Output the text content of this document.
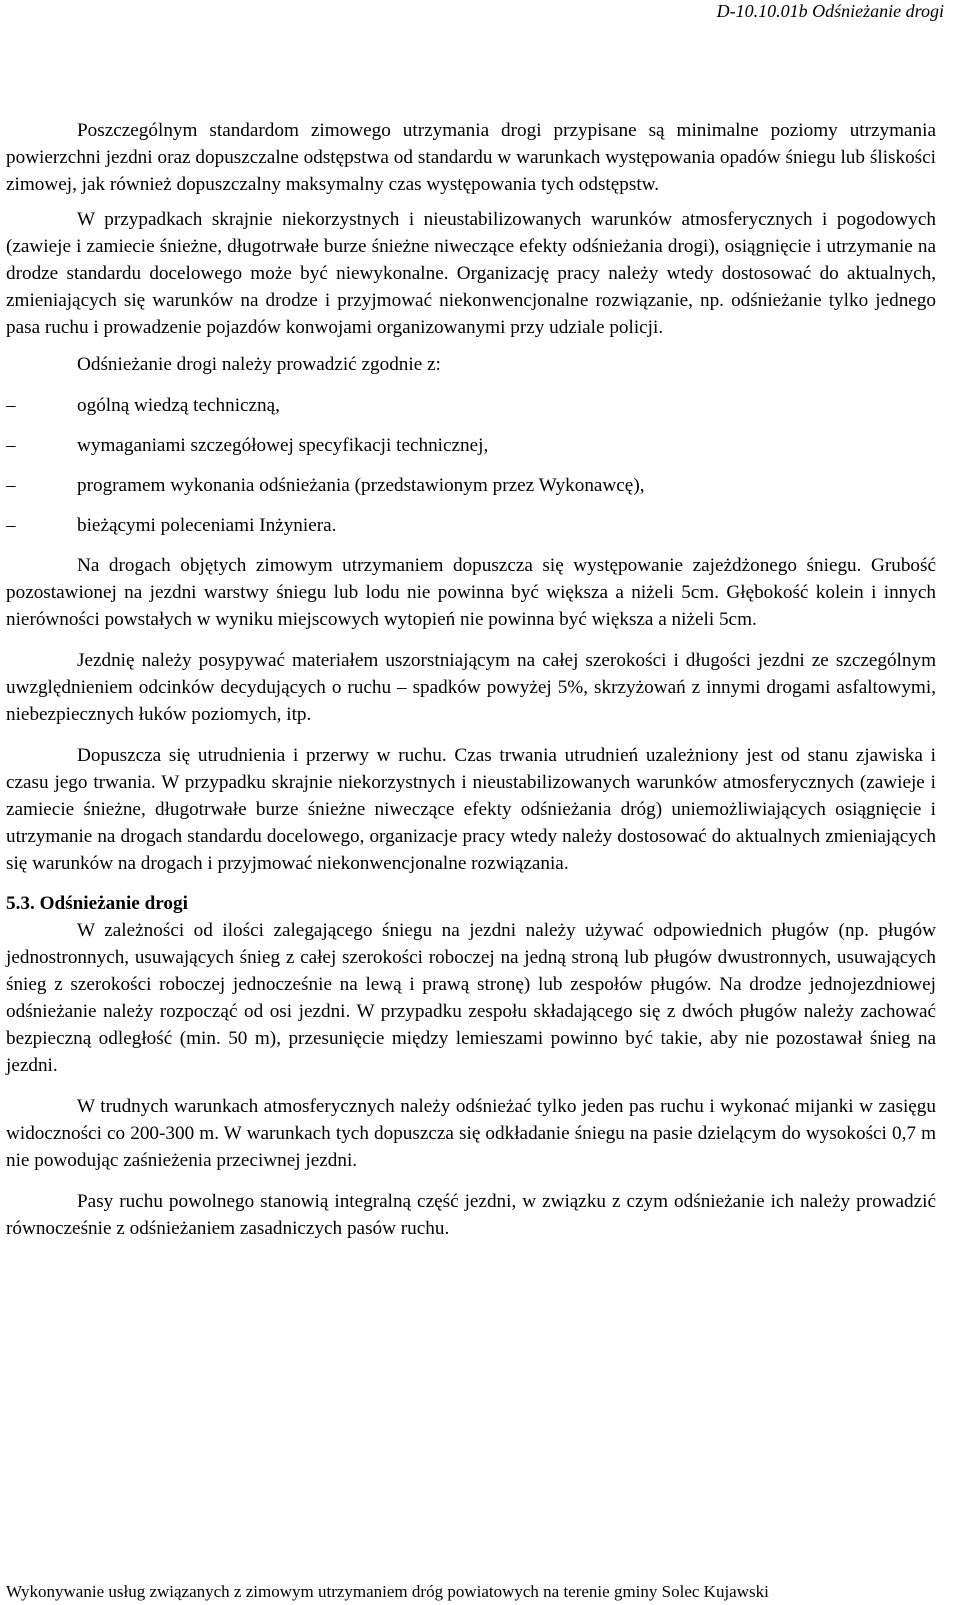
D-10.10.01b Odśnieżanie drogi

Poszczególnym standardom zimowego utrzymania drogi przypisane są minimalne poziomy utrzymania powierzchni jezdni oraz dopuszczalne odstępstwa od standardu w warunkach występowania opadów śniegu lub śliskości zimowej, jak również dopuszczalny maksymalny czas występowania tych odstępstw.

W przypadkach skrajnie niekorzystnych i nieustabilizowanych warunków atmosferycznych i pogodowych (zawieje i zamiecie śnieżne, długotrwałe burze śnieżne niweczące efekty odśnieżania drogi), osiągnięcie i utrzymanie na drodze standardu docelowego może być niewykonalne. Organizację pracy należy wtedy dostosować do aktualnych, zmieniających się warunków na drodze i przyjmować niekonwencjonalne rozwiązanie, np. odśnieżanie tylko jednego pasa ruchu i prowadzenie pojazdów konwojami organizowanymi przy udziale policji.

Odśnieżanie drogi należy prowadzić zgodnie z:

–	ogólną wiedzą techniczną,
–	wymaganiami szczegółowej specyfikacji technicznej,
–	programem wykonania odśnieżania (przedstawionym przez Wykonawcę),
–	bieżącymi poleceniami Inżyniera.

Na drogach objętych zimowym utrzymaniem dopuszcza się występowanie zajeżdżonego śniegu. Grubość pozostawionej na jezdni warstwy śniegu lub lodu nie powinna być większa a niżeli 5cm. Głębokość kolein i innych nierówności powstałych w wyniku miejscowych wytopień nie powinna być większa a niżeli 5cm.

Jezdnię należy posypywać materiałem uszorstniającym na całej szerokości i długości jezdni ze szczególnym uwzględnieniem odcinków decydujących o ruchu – spadków powyżej 5%, skrzyżowań z innymi drogami asfaltowymi, niebezpiecznych łuków poziomych, itp.

Dopuszcza się utrudnienia i przerwy w ruchu. Czas trwania utrudnień uzależniony jest od stanu zjawiska i czasu jego trwania. W przypadku skrajnie niekorzystnych i nieustabilizowanych warunków atmosferycznych (zawieje i zamiecie śnieżne, długotrwałe burze śnieżne niweczące efekty odśnieżania dróg) uniemożliwiających osiągnięcie i utrzymanie na drogach standardu docelowego, organizacje pracy wtedy należy dostosować do aktualnych zmieniających się warunków na drogach i przyjmować niekonwencjonalne rozwiązania.

5.3. Odśnieżanie drogi

W zależności od ilości zalegającego śniegu na jezdni należy używać odpowiednich pługów (np. pługów jednostronnych, usuwających śnieg z całej szerokości roboczej na jedną stroną lub pługów dwustronnych, usuwających śnieg z szerokości roboczej jednocześnie na lewą i prawą stronę) lub zespołów pługów. Na drodze jednojezdniowej odśnieżanie należy rozpocząć od osi jezdni. W przypadku zespołu składającego się z dwóch pługów należy zachować bezpieczną odległość (min. 50 m), przesunięcie między lemieszami powinno być takie, aby nie pozostawał śnieg na jezdni.

W trudnych warunkach atmosferycznych należy odśnieżać tylko jeden pas ruchu i wykonać mijanki w zasięgu widoczności co 200-300 m. W warunkach tych dopuszcza się odkładanie śniegu na pasie dzielącym do wysokości 0,7 m nie powodując zaśnieżenia przeciwnej jezdni.

Pasy ruchu powolnego stanowią integralną część jezdni, w związku z czym odśnieżanie ich należy prowadzić równocześnie z odśnieżaniem zasadniczych pasów ruchu.

Wykonywanie usług związanych z zimowym utrzymaniem dróg powiatowych na terenie gminy Solec Kujawski
